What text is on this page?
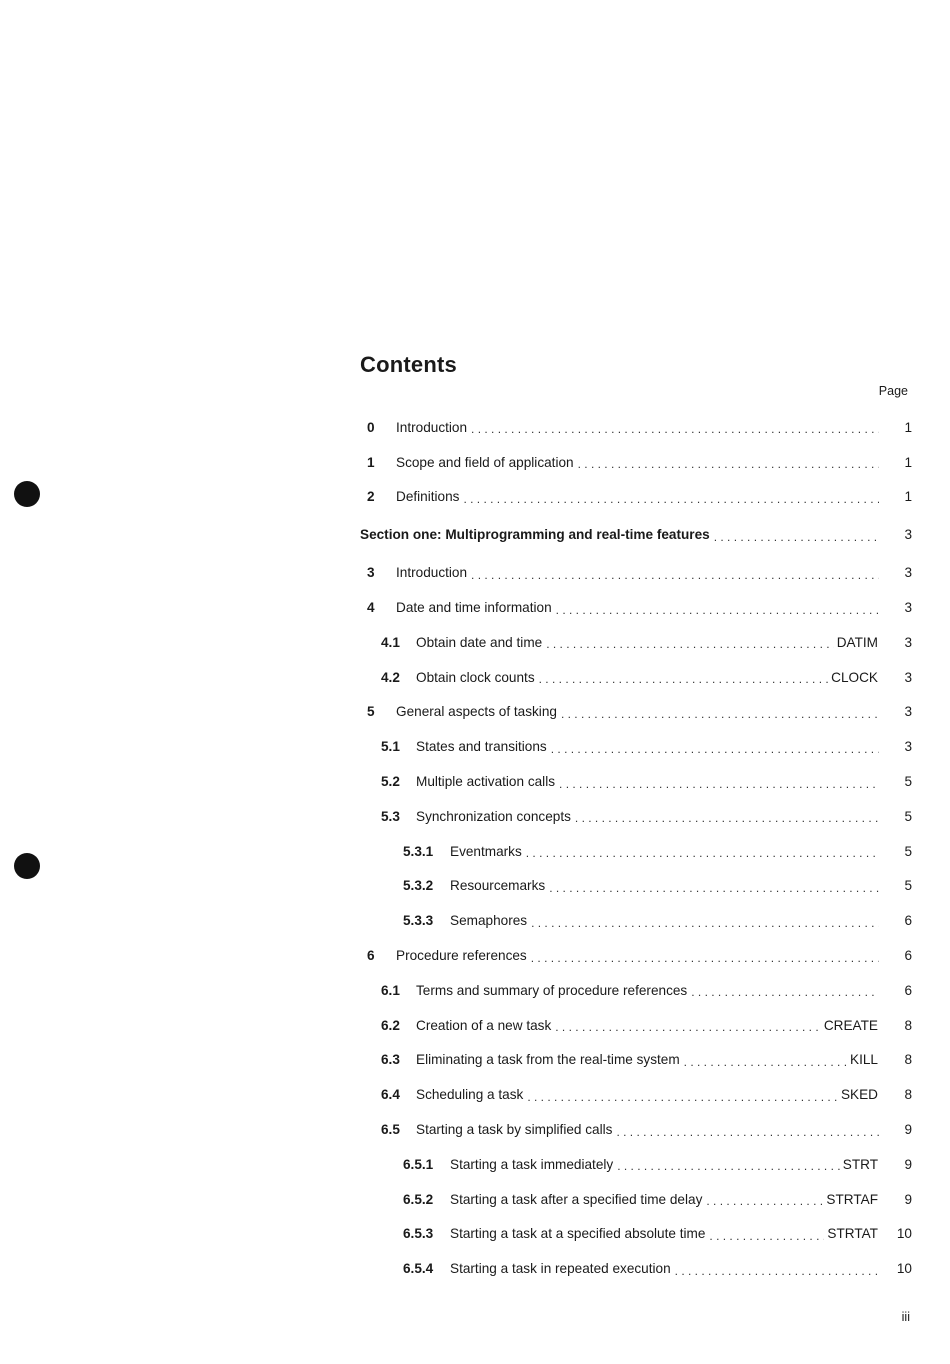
Contents
Page
0	Introduction . . .	1
1	Scope and field of application . . .	1
2	Definitions . . .	1
Section one: Multiprogramming and real-time features . . .	3
3	Introduction . . .	3
4	Date and time information . . .	3
4.1	Obtain date and time . . .	DATIM	3
4.2	Obtain clock counts . . .	CLOCK	3
5	General aspects of tasking . . .	3
5.1	States and transitions . . .	3
5.2	Multiple activation calls . . .	5
5.3	Synchronization concepts . . .	5
5.3.1	Eventmarks . . .	5
5.3.2	Resourcemarks . . .	5
5.3.3	Semaphores . . .	6
6	Procedure references . . .	6
6.1	Terms and summary of procedure references . . .	6
6.2	Creation of a new task . . .	CREATE	8
6.3	Eliminating a task from the real-time system . . .	KILL	8
6.4	Scheduling a task . . .	SKED	8
6.5	Starting a task by simplified calls . . .	9
6.5.1	Starting a task immediately . . .	STRT	9
6.5.2	Starting a task after a specified time delay . . .	STRTAF	9
6.5.3	Starting a task at a specified absolute time . . .	STRTAT	10
6.5.4	Starting a task in repeated execution . . .	10
iii
